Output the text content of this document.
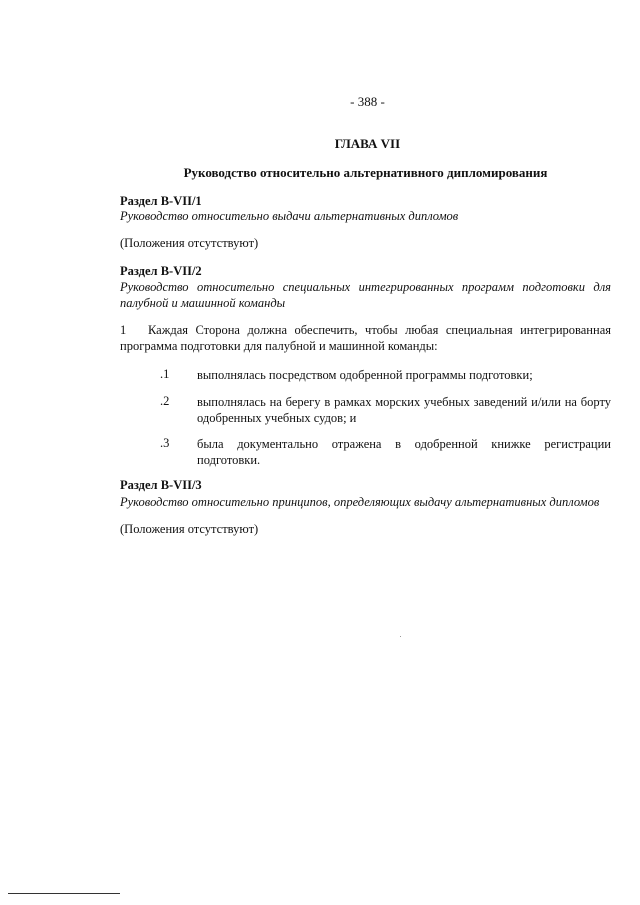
- 388 -
ГЛАВА VII
Руководство относительно альтернативного дипломирования
Раздел B-VII/1
Руководство относительно выдачи альтернативных дипломов
(Положения отсутствуют)
Раздел B-VII/2
Руководство относительно специальных интегрированных программ подготовки для
палубной и машинной команды
1 Каждая Сторона должна обеспечить, чтобы любая специальная интегрированная
программа подготовки для палубной и машинной команды:
.1 выполнялась посредством одобренной программы подготовки;
.2 выполнялась на берегу в рамках морских учебных заведений и/или на борту
одобренных учебных судов; и
.3 была документально отражена в одобренной книжке регистрации
подготовки.
Раздел B-VII/3
Руководство относительно принципов, определяющих выдачу альтернативных дипломов
(Положения отсутствуют)
